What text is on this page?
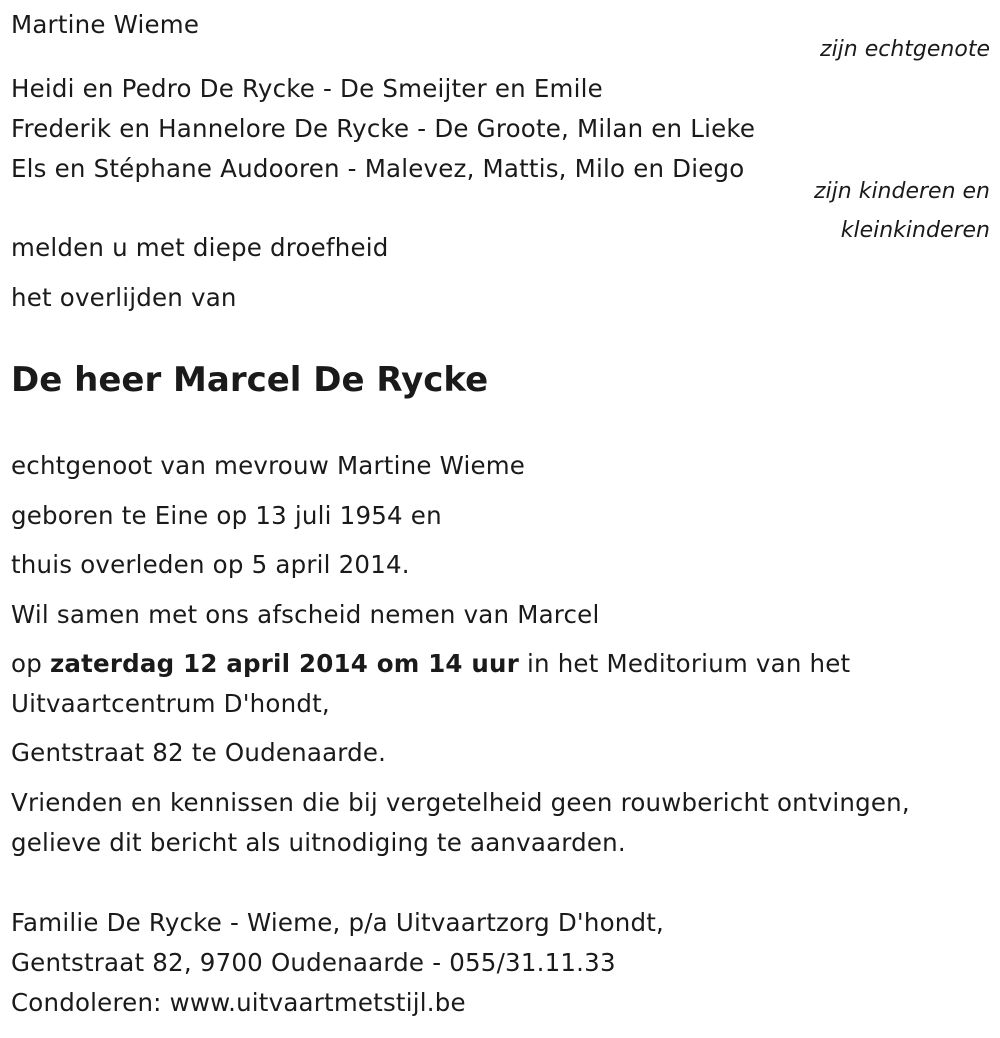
Martine Wieme
zijn echtgenote
Heidi en Pedro De Rycke - De Smeijter en Emile
Frederik en Hannelore De Rycke - De Groote, Milan en Lieke
Els en Stéphane Audooren - Malevez, Mattis, Milo en Diego
zijn kinderen en
kleinkinderen
melden u met diepe droefheid
het overlijden van
De heer Marcel De Rycke
echtgenoot van mevrouw Martine Wieme
geboren te Eine op 13 juli 1954 en
thuis overleden op 5 april 2014.
Wil samen met ons afscheid nemen van Marcel
op zaterdag 12 april 2014 om 14 uur in het Meditorium van het
Uitvaartcentrum D'hondt,
Gentstraat 82 te Oudenaarde.
Vrienden en kennissen die bij vergetelheid geen rouwbericht ontvingen,
gelieve dit bericht als uitnodiging te aanvaarden.
Familie De Rycke - Wieme, p/a Uitvaartzorg D'hondt,
Gentstraat 82, 9700 Oudenaarde - 055/31.11.33
Condoleren: www.uitvaartmetstijl.be
